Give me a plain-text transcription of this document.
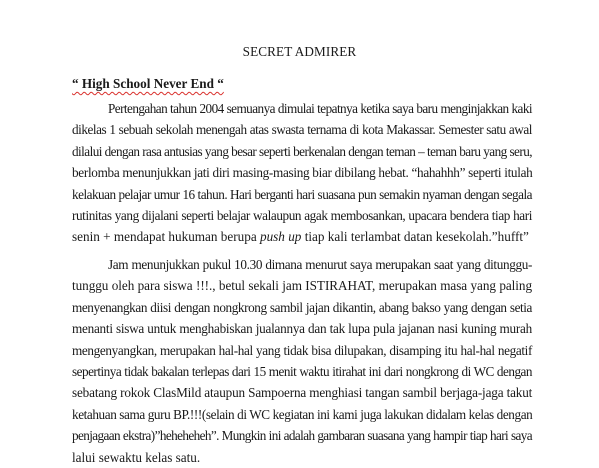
SECRET ADMIRER
“ High School Never End “
Pertengahan tahun 2004 semuanya dimulai tepatnya ketika saya baru menginjakkan kaki
dikelas 1 sebuah sekolah menengah atas swasta ternama di kota Makassar. Semester satu awal
dilalui dengan rasa antusias yang besar seperti berkenalan dengan teman – teman baru yang seru,
berlomba menunjukkan jati diri masing-masing biar dibilang hebat. “hahahhh” seperti itulah
kelakuan pelajar umur 16 tahun. Hari berganti hari suasana pun semakin nyaman dengan segala
rutinitas yang dijalani seperti belajar walaupun agak membosankan, upacara bendera tiap hari
senin + mendapat hukuman berupa push up tiap kali terlambat datan kesekolah.”hufft”
Jam menunjukkan pukul 10.30 dimana menurut saya merupakan saat yang ditunggu-
tunggu oleh para siswa !!!., betul sekali jam ISTIRAHAT, merupakan masa yang paling
menyenangkan diisi dengan nongkrong sambil jajan dikantin, abang bakso yang dengan setia
menanti siswa untuk menghabiskan jualannya dan tak lupa pula jajanan nasi kuning murah
mengenyangkan, merupakan hal-hal yang tidak bisa dilupakan, disamping itu hal-hal negatif
sepertinya tidak bakalan terlepas dari 15 menit waktu itirahat ini dari nongkrong di WC dengan
sebatang rokok ClasMild ataupun Sampoerna menghiasi tangan sambil berjaga-jaga takut
ketahuan sama guru BP.!!!(selain di WC kegiatan ini kami juga lakukan didalam kelas dengan
penjagaan ekstra)”heheheheh”. Mungkin ini adalah gambaran suasana yang hampir tiap hari saya
lalui sewaktu kelas satu.
